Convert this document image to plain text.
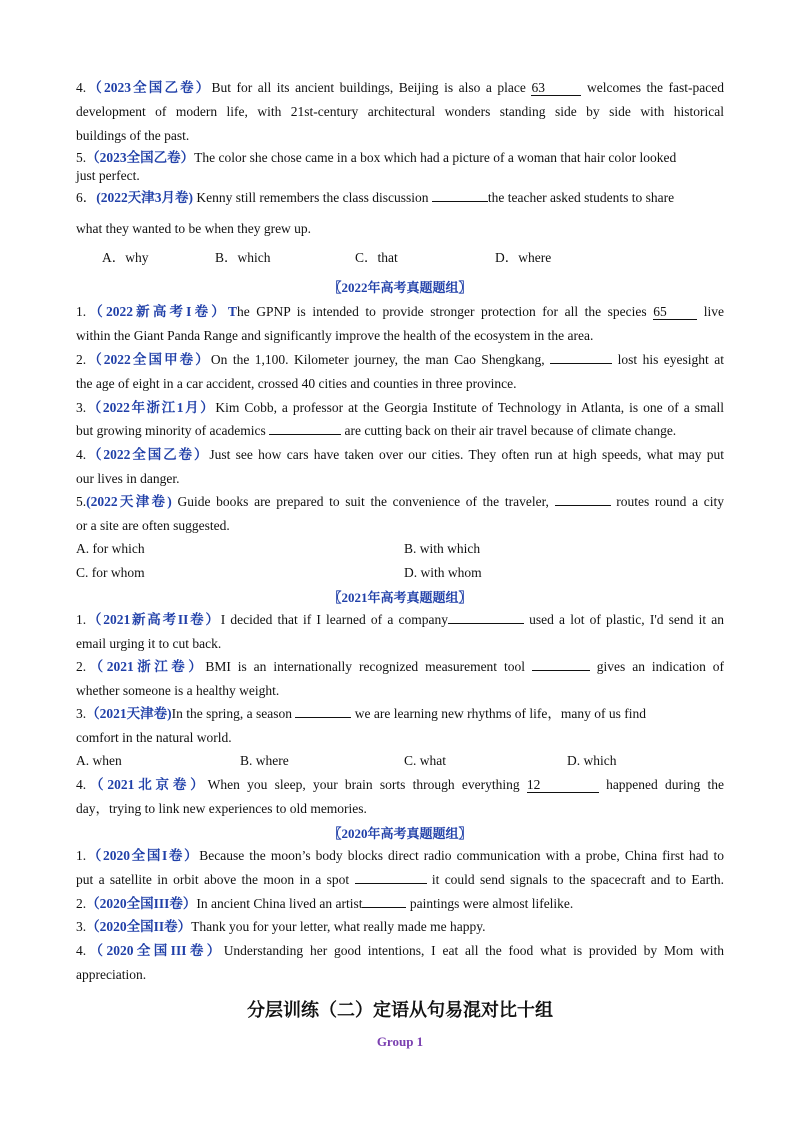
4.（2023全国乙卷）But for all its ancient buildings, Beijing is also a place 63	welcomes the fast-paced
development of modern life, with 21st-century architectural wonders standing side by side with historical
buildings of the past.
5.（2023全国乙卷）The color she chose came in a box which had a picture of a woman that hair color looked
just perfect.
6．(2022天津3月卷) Kenny still remembers the class discussion	the teacher asked students to share
what they wanted to be when they grew up.
A．why	B．which	C．that	D．where
〖2022年高考真题题组〗
1.（2022新高考I卷）The GPNP is intended to provide stronger protection for all the species 65 live
within the Giant Panda Range and significantly improve the health of the ecosystem in the area.
2.（2022全国甲卷）On the 1,100. Kilometer journey, the man Cao Shengkang,	lost his eyesight at
the age of eight in a car accident, crossed 40 cities and counties in three province.
3.（2022年浙江1月）Kim Cobb, a professor at the Georgia Institute of Technology in Atlanta, is one of a small
but growing minority of academics	are cutting back on their air travel because of climate change.
4.（2022全国乙卷）Just see how cars have taken over our cities. They often run at high speeds, what may put
our lives in danger.
5.(2022天津卷) Guide books are prepared to suit the convenience of the traveler,	routes round a city
or a site are often suggested.
A. for which	B. with which
C. for whom	D. with whom
〖2021年高考真题题组〗
1.（2021新高考II卷）I decided that if I learned of a company	used a lot of plastic, I'd send it an
email urging it to cut back.
2.（2021浙江卷）BMI is an internationally recognized measurement tool	gives an indication of
whether someone is a healthy weight.
3.（2021天津卷)In the spring, a season	we are learning new rhythms of life，many of us find
comfort in the natural world.
A. when	B. where	C. what	D. which
4.（2021北京卷）When you sleep, your brain sorts through everything 12	happened during the
day，trying to link new experiences to old memories.
〖2020年高考真题题组〗
1.（2020全国I卷）Because the moon’s body blocks direct radio communication with a probe, China first had to
put a satellite in orbit above the moon in a spot	it could send signals to the spacecraft and to Earth.
2.（2020全国III卷）In ancient China lived an artist	paintings were almost lifelike.
3.（2020全国II卷）Thank you for your letter, what really made me happy.
4.（2020全国III卷）Understanding her good intentions, I eat all the food what is provided by Mom with
appreciation.
分层训练（二）定语从句易混对比十组
Group 1
